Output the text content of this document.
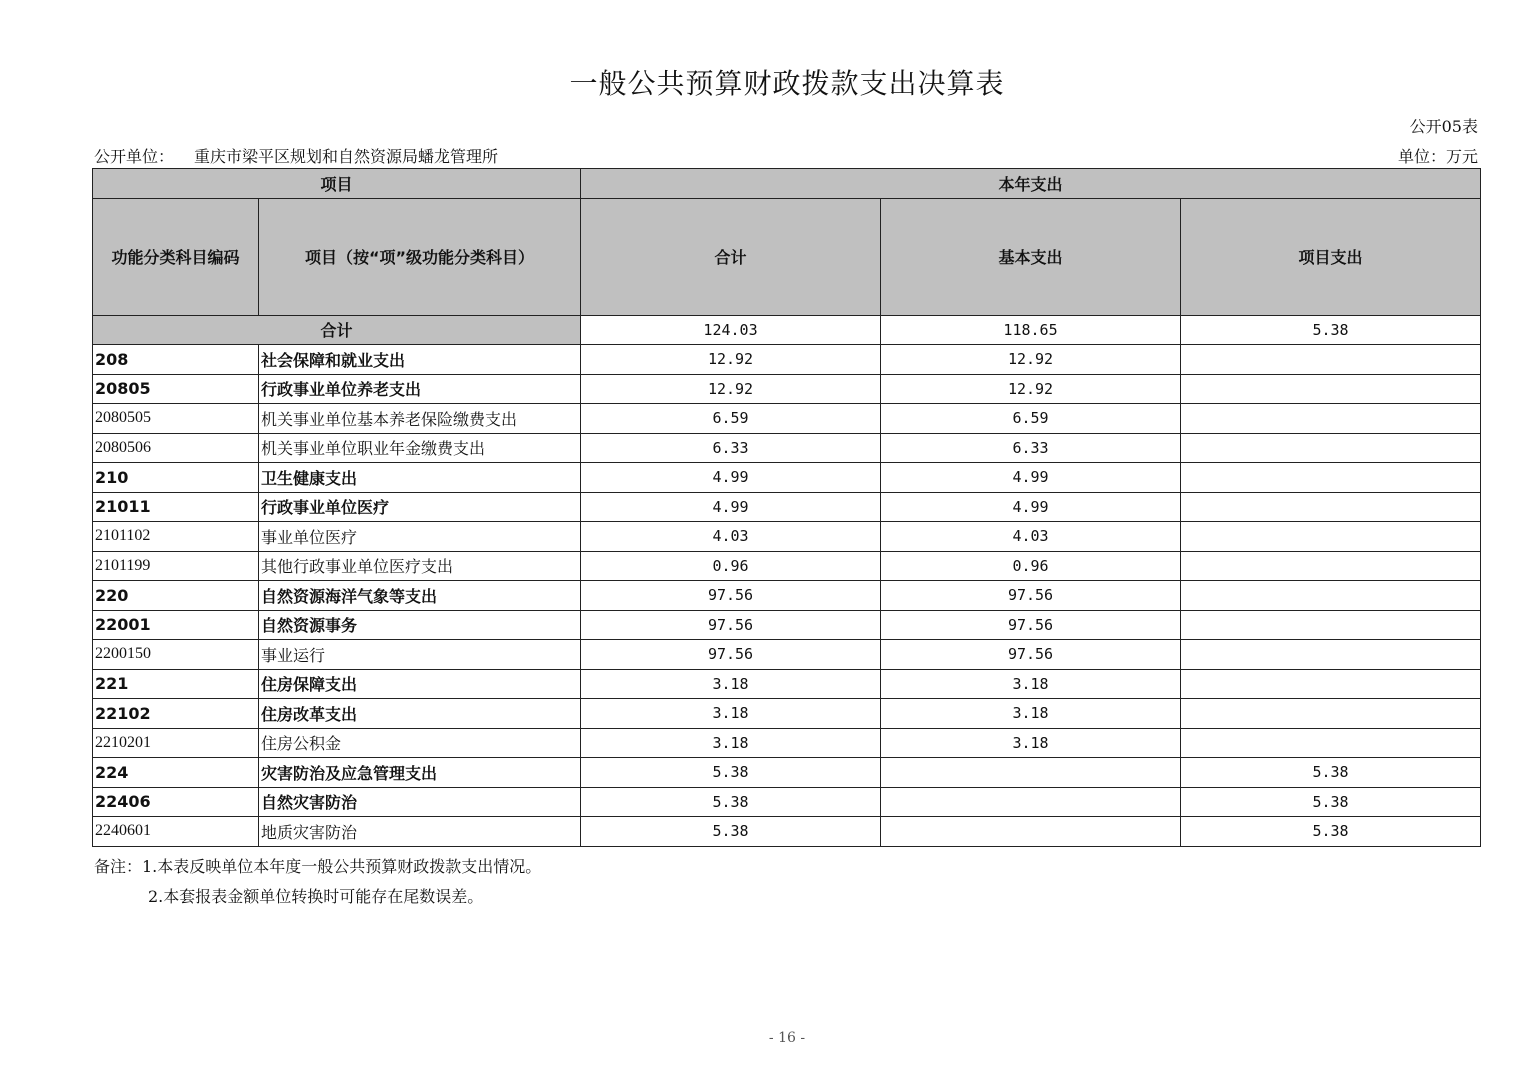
一般公共预算财政拨款支出决算表
公开05表
公开单位： 重庆市梁平区规划和自然资源局蟠龙管理所	单位：万元
项目		本年支出		
功能分类科目编码	项目（按“项”级功能分类科目）	合计	基本支出	项目支出
合计		124.03	118.65	5.38
208	社会保障和就业支出	12.92	12.92	
20805	行政事业单位养老支出	12.92	12.92	
2080505	机关事业单位基本养老保险缴费支出	6.59	6.59	
2080506	机关事业单位职业年金缴费支出	6.33	6.33	
210	卫生健康支出	4.99	4.99	
21011	行政事业单位医疗	4.99	4.99	
2101102	事业单位医疗	4.03	4.03	
2101199	其他行政事业单位医疗支出	0.96	0.96	
220	自然资源海洋气象等支出	97.56	97.56	
22001	自然资源事务	97.56	97.56	
2200150	事业运行	97.56	97.56	
221	住房保障支出	3.18	3.18	
22102	住房改革支出	3.18	3.18	
2210201	住房公积金	3.18	3.18	
224	灾害防治及应急管理支出	5.38		5.38
22406	自然灾害防治	5.38		5.38
2240601	地质灾害防治	5.38		5.38
备注：1.本表反映单位本年度一般公共预算财政拨款支出情况。
2.本套报表金额单位转换时可能存在尾数误差。
- 16 -
